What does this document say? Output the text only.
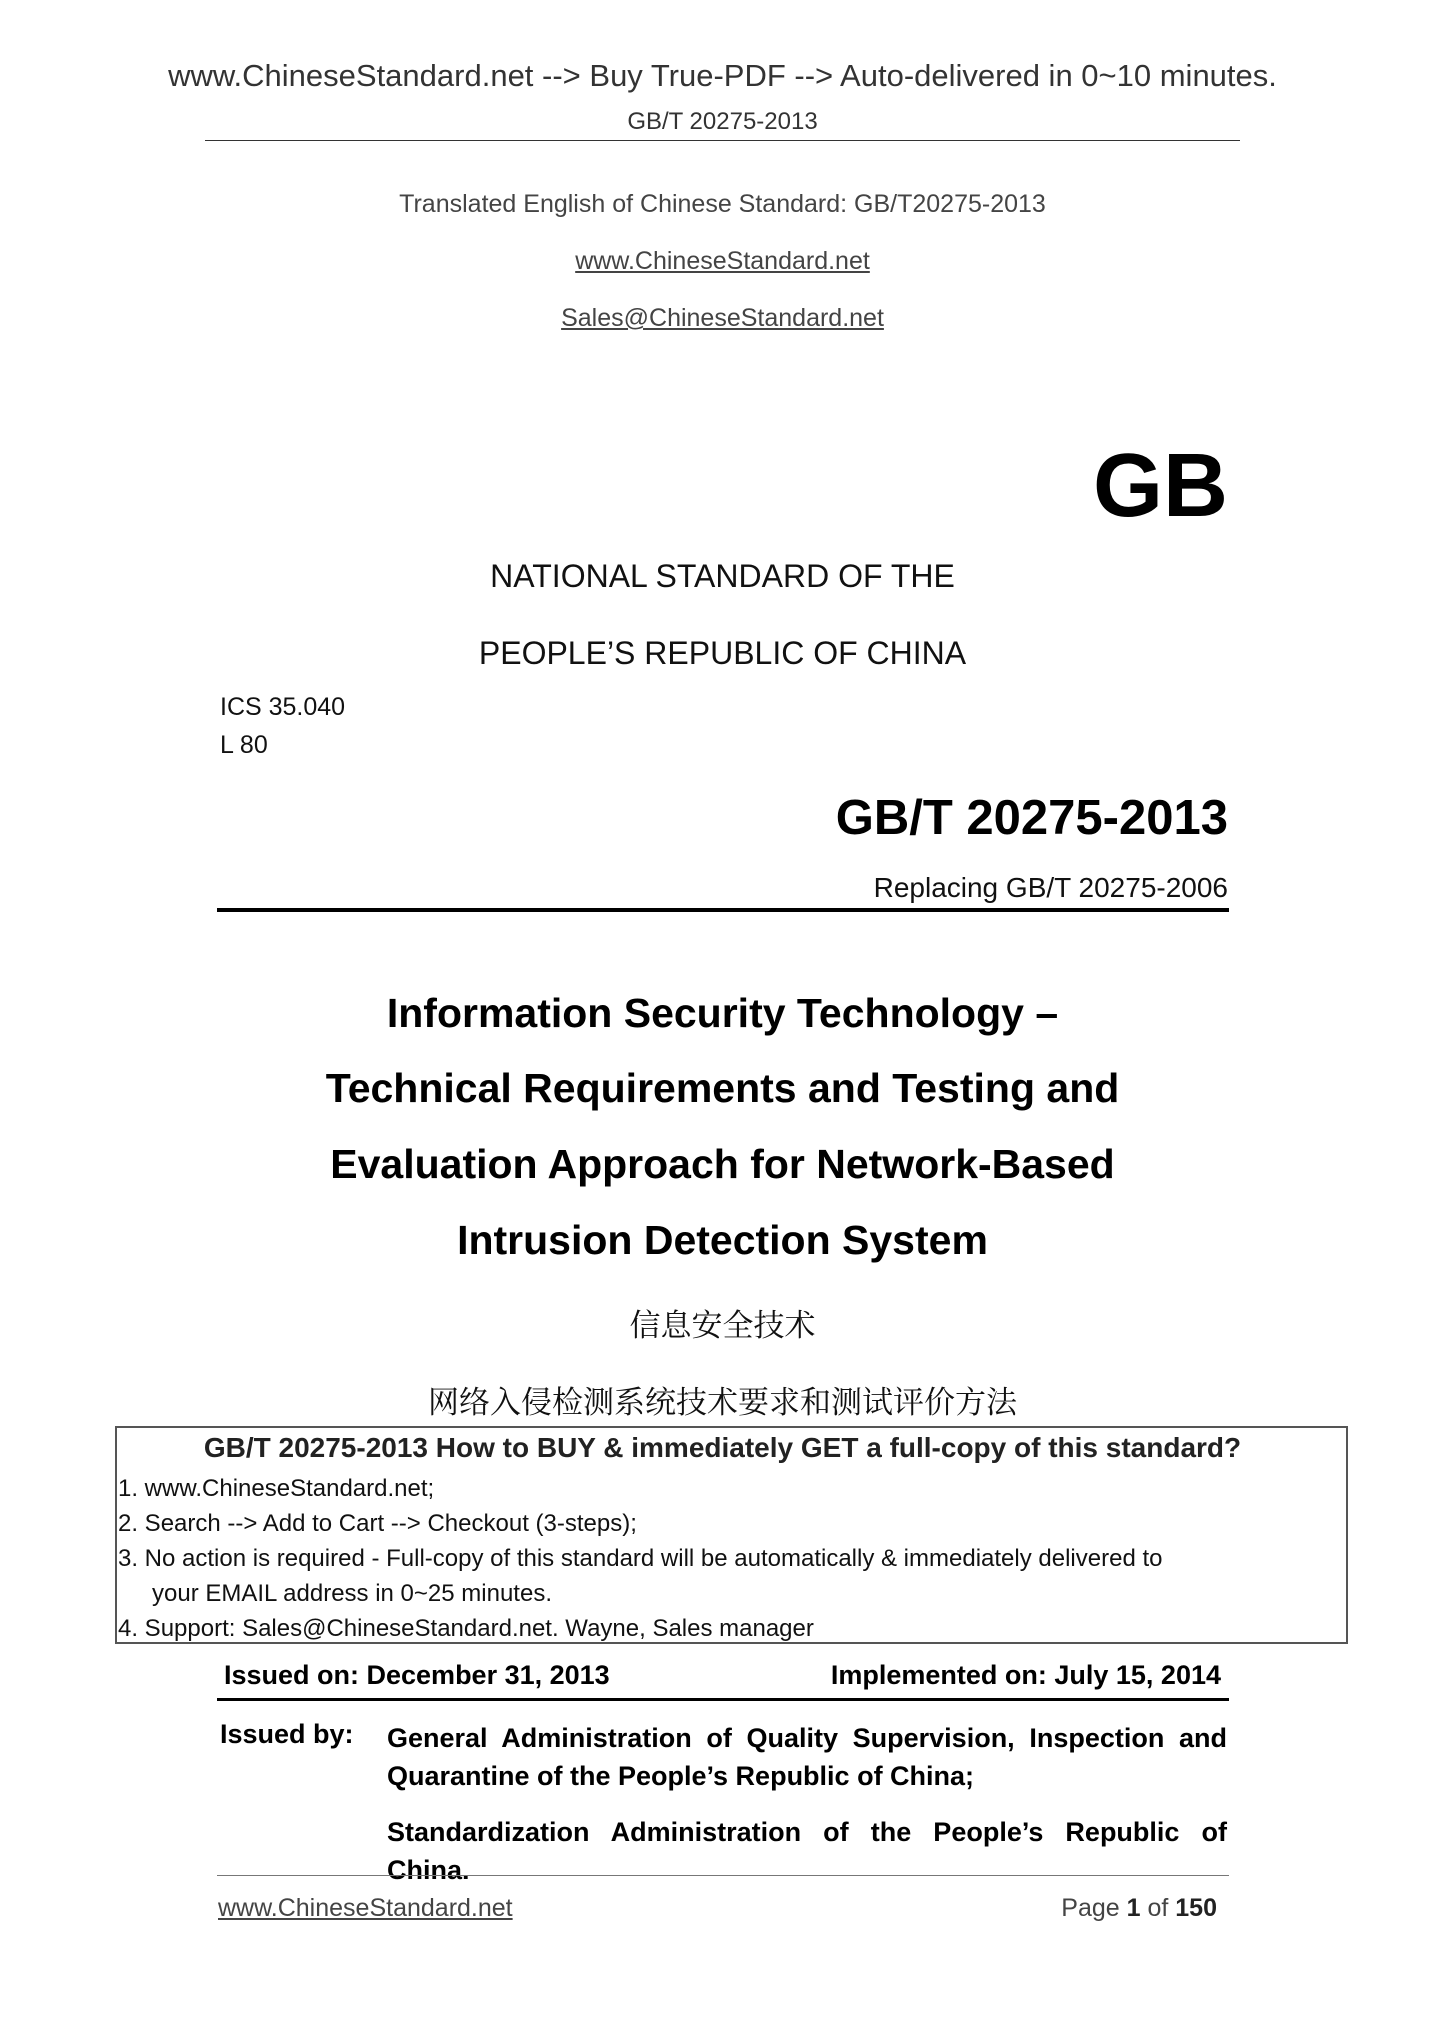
www.ChineseStandard.net --> Buy True-PDF --> Auto-delivered in 0~10 minutes.
GB/T 20275-2013
Translated English of Chinese Standard: GB/T20275-2013
www.ChineseStandard.net
Sales@ChineseStandard.net
GB
NATIONAL STANDARD OF THE
PEOPLE’S REPUBLIC OF CHINA
ICS 35.040
L 80
GB/T 20275-2013
Replacing GB/T 20275-2006
Information Security Technology –
Technical Requirements and Testing and
Evaluation Approach for Network-Based
Intrusion Detection System
信息安全技术
网络入侵检测系统技术要求和测试评价方法
GB/T 20275-2013 How to BUY & immediately GET a full-copy of this standard?
1. www.ChineseStandard.net;
2. Search --> Add to Cart --> Checkout (3-steps);
3. No action is required - Full-copy of this standard will be automatically & immediately delivered to
your EMAIL address in 0~25 minutes.
4. Support: Sales@ChineseStandard.net. Wayne, Sales manager
Issued on: December 31, 2013	Implemented on: July 15, 2014
Issued by: General Administration of Quality Supervision, Inspection and Quarantine of the People’s Republic of China;
Standardization Administration of the People’s Republic of China.
www.ChineseStandard.net	Page 1 of 150
